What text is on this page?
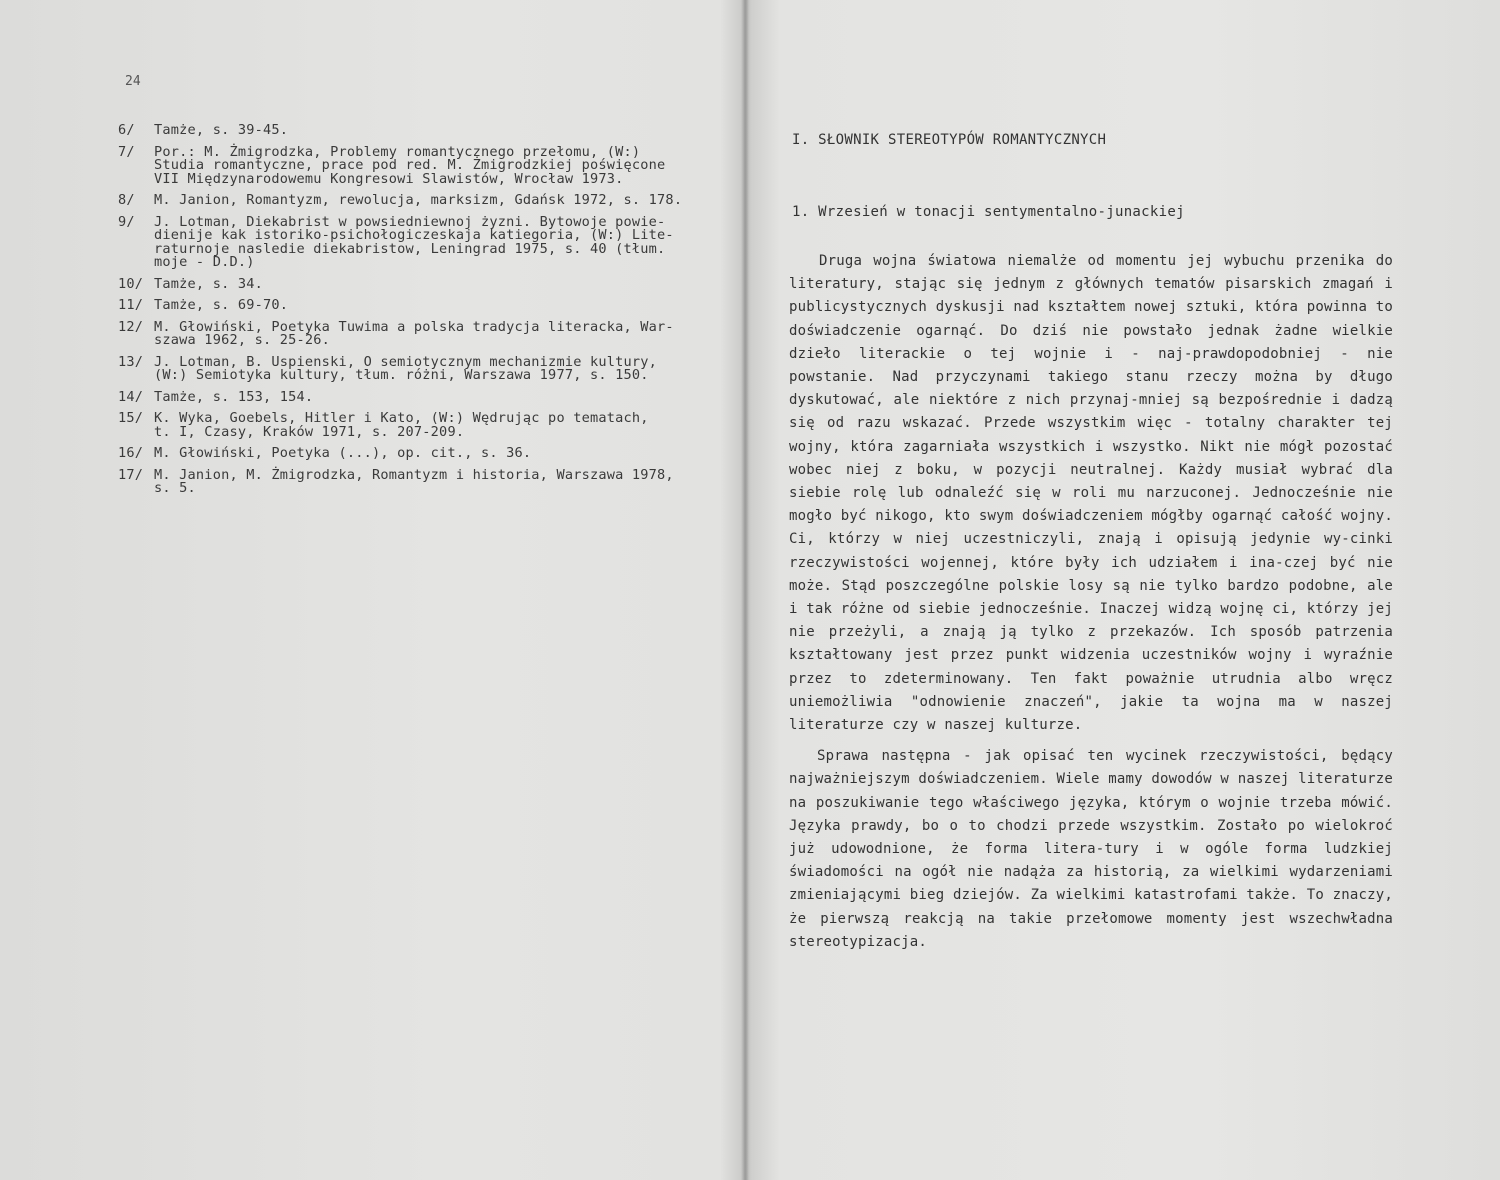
24
6/	Tamże, s. 39-45.
7/	Por.: M. Żmigrodzka, Problemy romantycznego przełomu, (W:)
Studia romantyczne, prace pod red. M. Żmigrodzkiej poświęcone
VII Międzynarodowemu Kongresowi Slawistów, Wrocław 1973.
8/	M. Janion, Romantyzm, rewolucja, marksizm, Gdańsk 1972, s. 178.
9/	J. Lotman, Diekabrist w powsiedniewnoj żyzni. Bytowoje powie-
dienije kak istoriko-psichołogiczeskaja katiegoria, (W:) Lite-
raturnoje nasledie diekabristow, Leningrad 1975, s. 40 (tłum.
moje - D.D.)
10/ Tamże, s. 34.
11/ Tamże, s. 69-70.
12/ M. Głowiński, Poetyka Tuwima a polska tradycja literacka, War-
szawa 1962, s. 25-26.
13/ J. Lotman, B. Uspienski, O semiotycznym mechanizmie kultury,
(W:) Semiotyka kultury, tłum. różni, Warszawa 1977, s. 150.
14/ Tamże, s. 153, 154.
15/ K. Wyka, Goebels, Hitler i Kato, (W:) Wędrując po tematach,
t. I, Czasy, Kraków 1971, s. 207-209.
16/ M. Głowiński, Poetyka (...), op. cit., s. 36.
17/ M. Janion, M. Żmigrodzka, Romantyzm i historia, Warszawa 1978,
s. 5.
I. SŁOWNIK STEREOTYPÓW ROMANTYCZNYCH
1. Wrzesień w tonacji sentymentalno-junackiej

Druga wojna światowa niemalże od momentu jej wybuchu przenika do literatury, stając się jednym z głównych tematów pisarskich zmagań i publicystycznych dyskusji nad kształtem nowej sztuki, która powinna to doświadczenie ogarnąć. Do dziś nie powstało jednak żadne wielkie dzieło literackie o tej wojnie i - naj-prawdopodobniej - nie powstanie. Nad przyczynami takiego stanu rzeczy można by długo dyskutować, ale niektóre z nich przynaj-mniej są bezpośrednie i dadzą się od razu wskazać. Przede wszystkim więc - totalny charakter tej wojny, która zagarniała wszystkich i wszystko. Nikt nie mógł pozostać wobec niej z boku, w pozycji neutralnej. Każdy musiał wybrać dla siebie rolę lub odnaleźć się w roli mu narzuconej. Jednocześnie nie mogło być nikogo, kto swym doświadczeniem mógłby ogarnąć całość wojny. Ci, którzy w niej uczestniczyli, znają i opisują jedynie wy-cinki rzeczywistości wojennej, które były ich udziałem i ina-czej być nie może. Stąd poszczególne polskie losy są nie tylko bardzo podobne, ale i tak różne od siebie jednocześnie. Inaczej widzą wojnę ci, którzy jej nie przeżyli, a znają ją tylko z przekazów. Ich sposób patrzenia kształtowany jest przez punkt widzenia uczestników wojny i wyraźnie przez to zdeterminowany. Ten fakt poważnie utrudnia albo wręcz uniemożliwia "odnowienie znaczeń", jakie ta wojna ma w naszej literaturze czy w naszej kulturze.

Sprawa następna - jak opisać ten wycinek rzeczywistości, będący najważniejszym doświadczeniem. Wiele mamy dowodów w naszej literaturze na poszukiwanie tego właściwego języka, którym o wojnie trzeba mówić. Języka prawdy, bo o to chodzi przede wszystkim. Zostało po wielokroć już udowodnione, że forma litera-tury i w ogóle forma ludzkiej świadomości na ogół nie nadąża za historią, za wielkimi wydarzeniami zmieniającymi bieg dziejów. Za wielkimi katastrofami także. To znaczy, że pierwszą reakcją na takie przełomowe momenty jest wszechwładna stereotypizacja.
